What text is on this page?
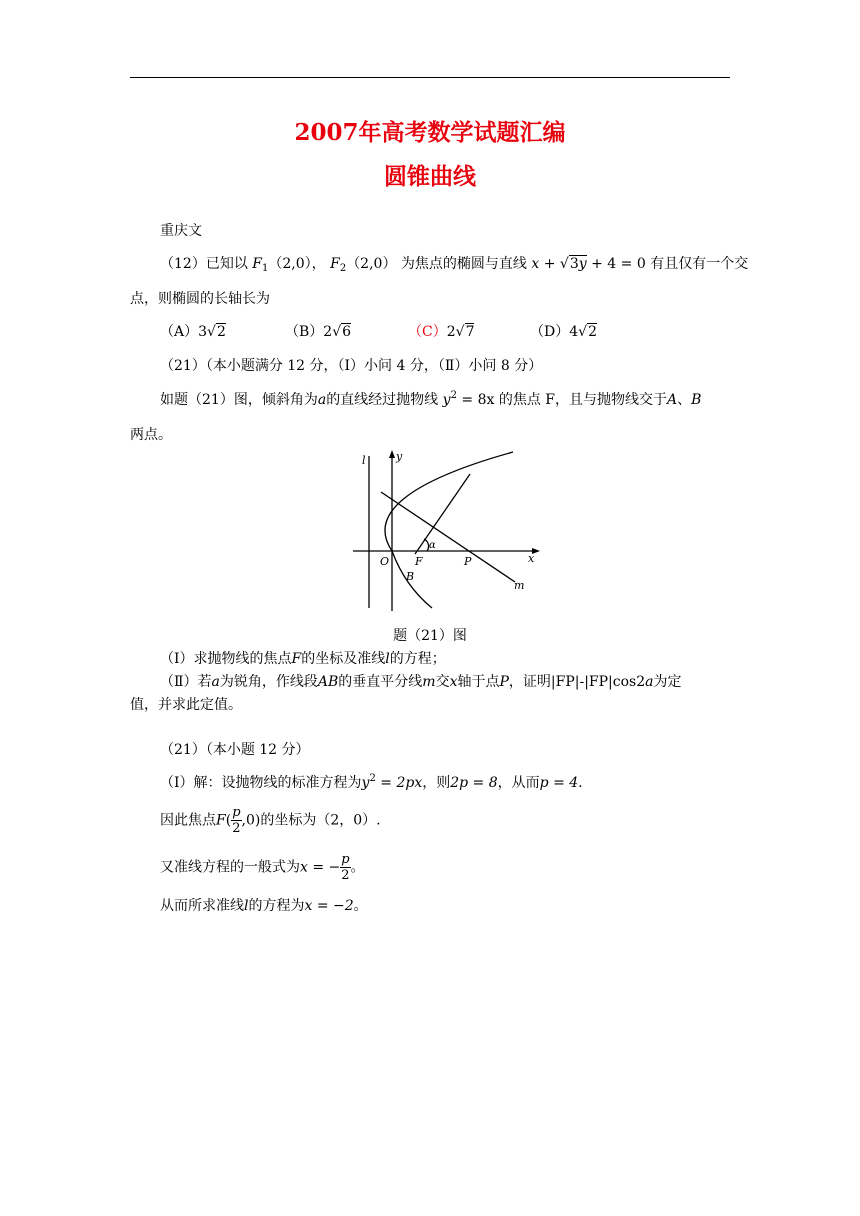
2007年高考数学试题汇编
圆锥曲线
重庆文
（12）已知以 $F_1(2,0)$， $F_2(2,0)$ 为焦点的椭圆与直线 x + √3y + 4 = 0 有且仅有一个交
点，则椭圆的长轴长为
（A）3√2	（B）2√6	（C）2√7	（D）4√2
（21）（本小题满分 12 分，（Ⅰ）小问 4 分，（Ⅱ）小问 8 分）
如题（21）图，倾斜角为a的直线经过抛物线 $y^2 = 8x$ 的焦点 F，且与抛物线交于A、B
两点。
l	y
x
O F	P
B
m
α
题（21）图
（Ⅰ）求抛物线的焦点F的坐标及准线l的方程；
（Ⅱ）若a为锐角，作线段AB的垂直平分线m交x轴于点P，证明|FP|-|FP|cos2a为定
值，并求此定值。
（21）（本小题 12 分）
（Ⅰ）解：设抛物线的标准方程为$y^2 = 2px$，则2p = 8，从而p = 4.
因此焦点$F( \frac{p}{2} ,0)$的坐标为（2，0）.
又准线方程的一般式为x = − $\frac{p}{2}$ 。
从而所求准线l的方程为x = −2。
